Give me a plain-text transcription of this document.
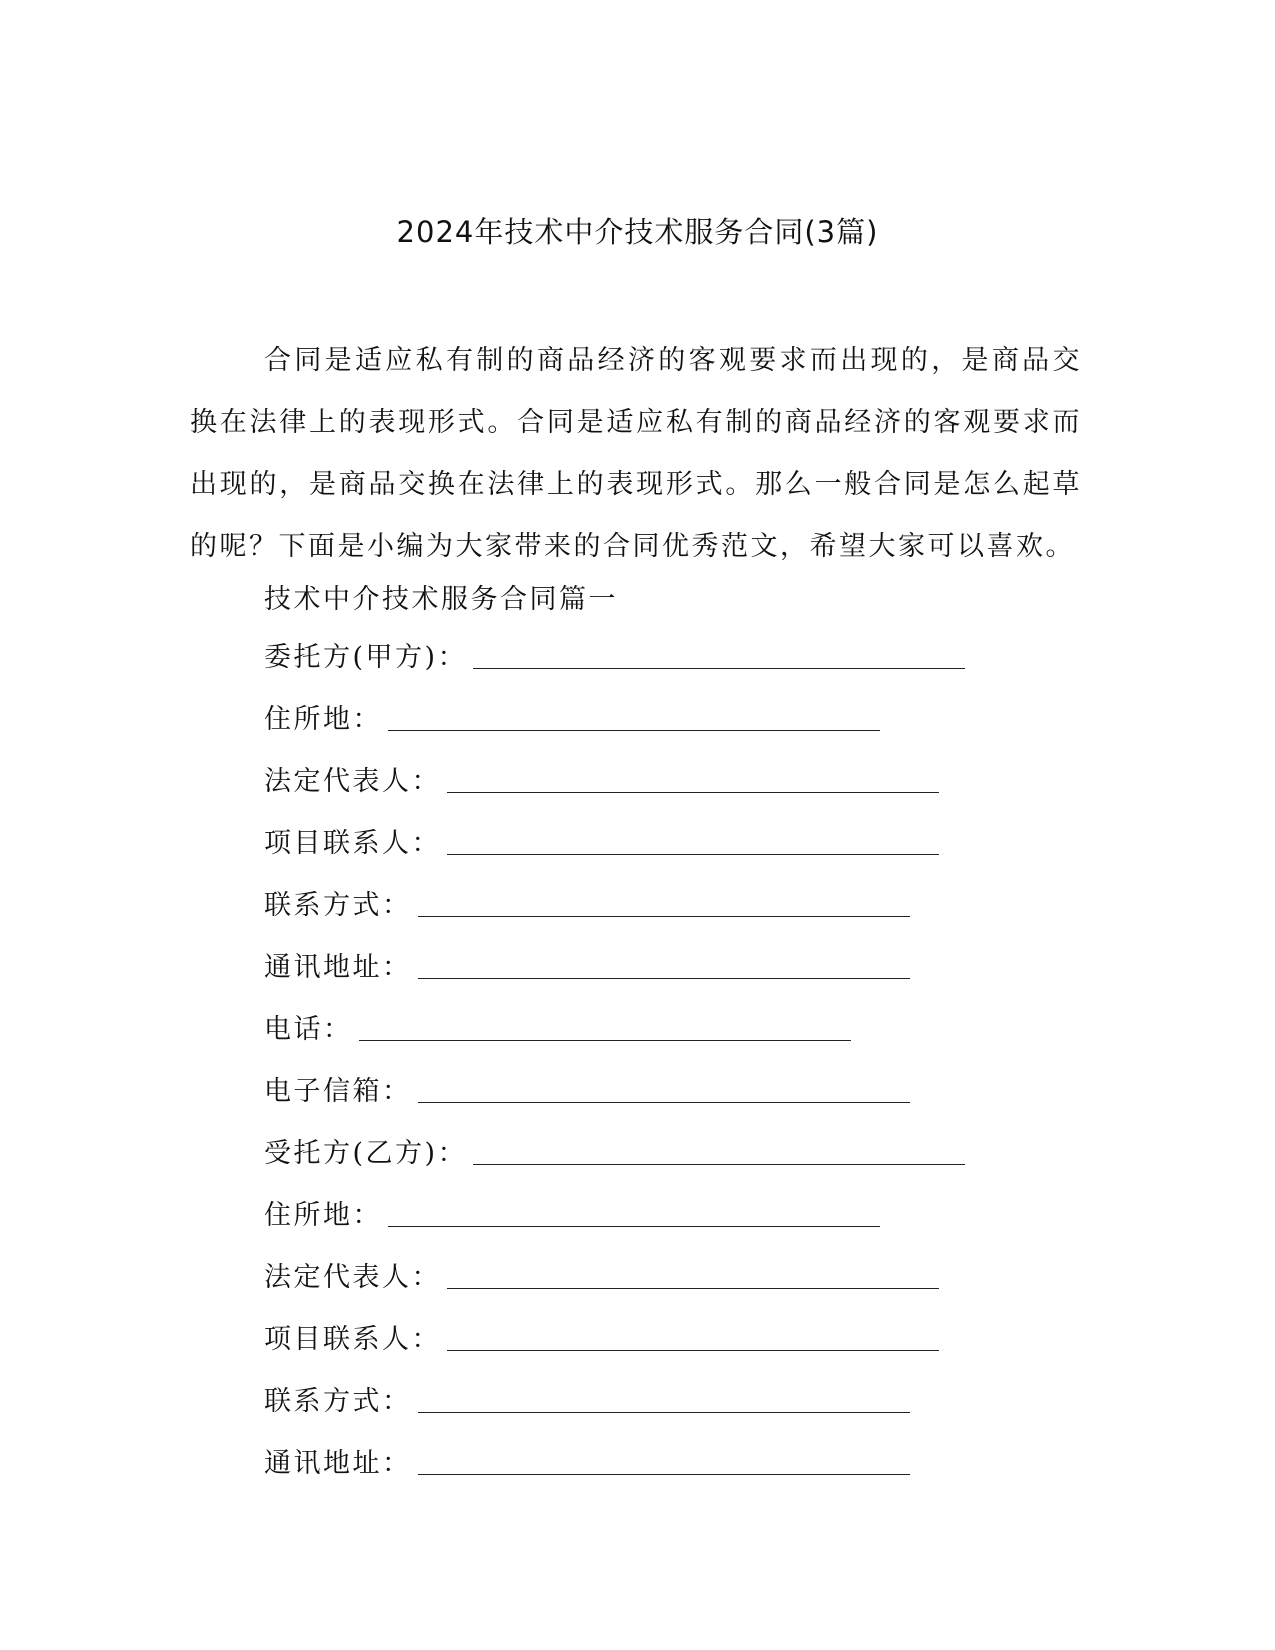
2024年技术中介技术服务合同(3篇)

合同是适应私有制的商品经济的客观要求而出现的，是商品交换在法律上的表现形式。合同是适应私有制的商品经济的客观要求而出现的，是商品交换在法律上的表现形式。那么一般合同是怎么起草的呢？下面是小编为大家带来的合同优秀范文，希望大家可以喜欢。

技术中介技术服务合同篇一
委托方(甲方)：
住所地：
法定代表人：
项目联系人：
联系方式：
通讯地址：
电话：
电子信箱：
受托方(乙方)：
住所地：
法定代表人：
项目联系人：
联系方式：
通讯地址：
